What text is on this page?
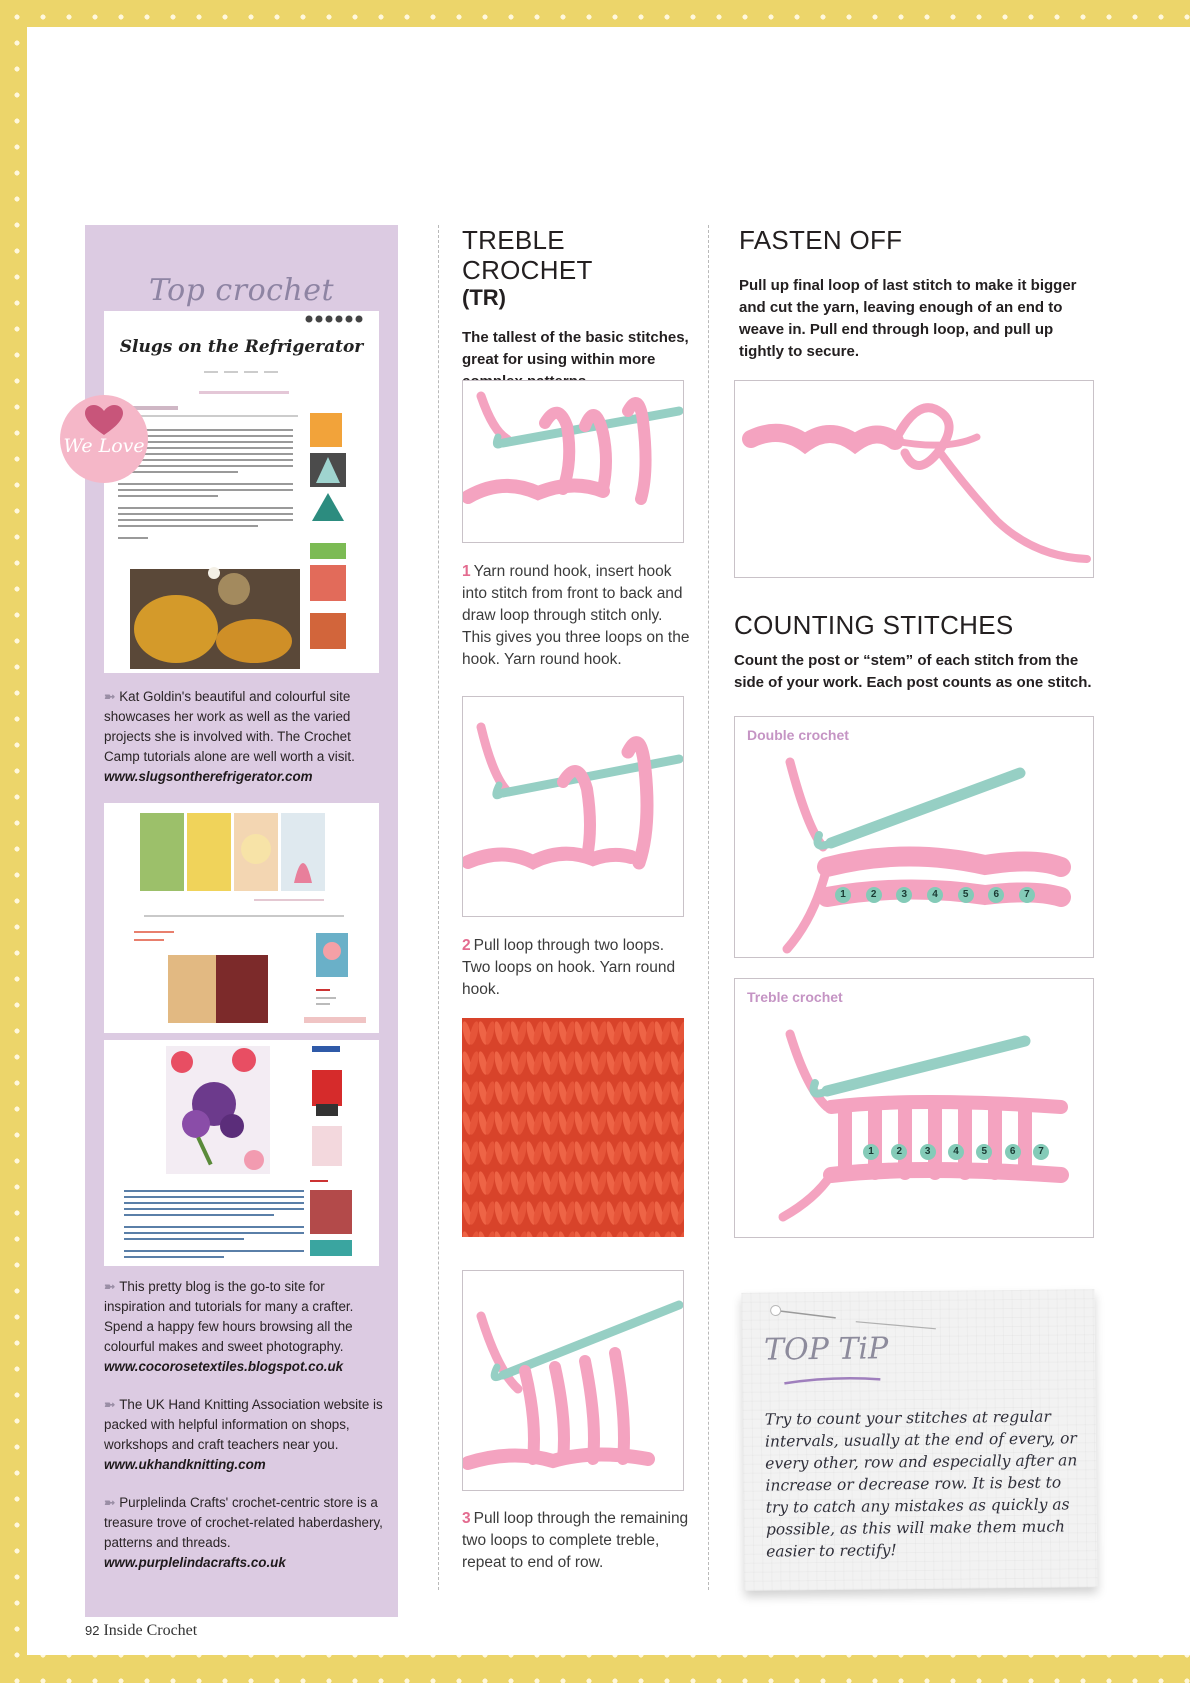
Top crochet
Slugs on the Refrigerator
We Love
➼ Kat Goldin's beautiful and colourful site showcases her work as well as the varied projects she is involved with. The Crochet Camp tutorials alone are well worth a visit.
www.slugsontherefrigerator.com
➼ This pretty blog is the go-to site for inspiration and tutorials for many a crafter. Spend a happy few hours browsing all the colourful makes and sweet photography.
www.cocorosetextiles.blogspot.co.uk
➼ The UK Hand Knitting Association website is packed with helpful information on shops, workshops and craft teachers near you.
www.ukhandknitting.com
➼ Purplelinda Crafts' crochet-centric store is a treasure trove of crochet-related haberdashery, patterns and threads.
www.purplelindacrafts.co.uk
TREBLE CROCHET
(TR)
The tallest of the basic stitches, great for using within more
1 Yarn round hook, insert hook into stitch from front to back and draw loop through stitch only. This gives you three loops on the hook. Yarn round hook.
2 Pull loop through two loops. Two loops on hook. Yarn round hook.
3 Pull loop through the remaining two loops to complete treble, repeat to end of row.
FASTEN OFF
Pull up final loop of last stitch to make it bigger and cut the yarn, leaving enough of an end to weave in. Pull end through loop, and pull up tightly to secure.
COUNTING STITCHES
Count the post or “stem” of each stitch from the side of your work. Each post counts as one stitch.
Double crochet
1	2	3	4	5	6	7
Treble crochet
1	2	3	4	5	6	7
TOP TiP
Try to count your stitches at regular intervals, usually at the end of every, or every other, row and especially after an increase or decrease row. It is best to try to catch any mistakes as quickly as possible, as this will make them much easier to rectify!
92 Inside Crochet
